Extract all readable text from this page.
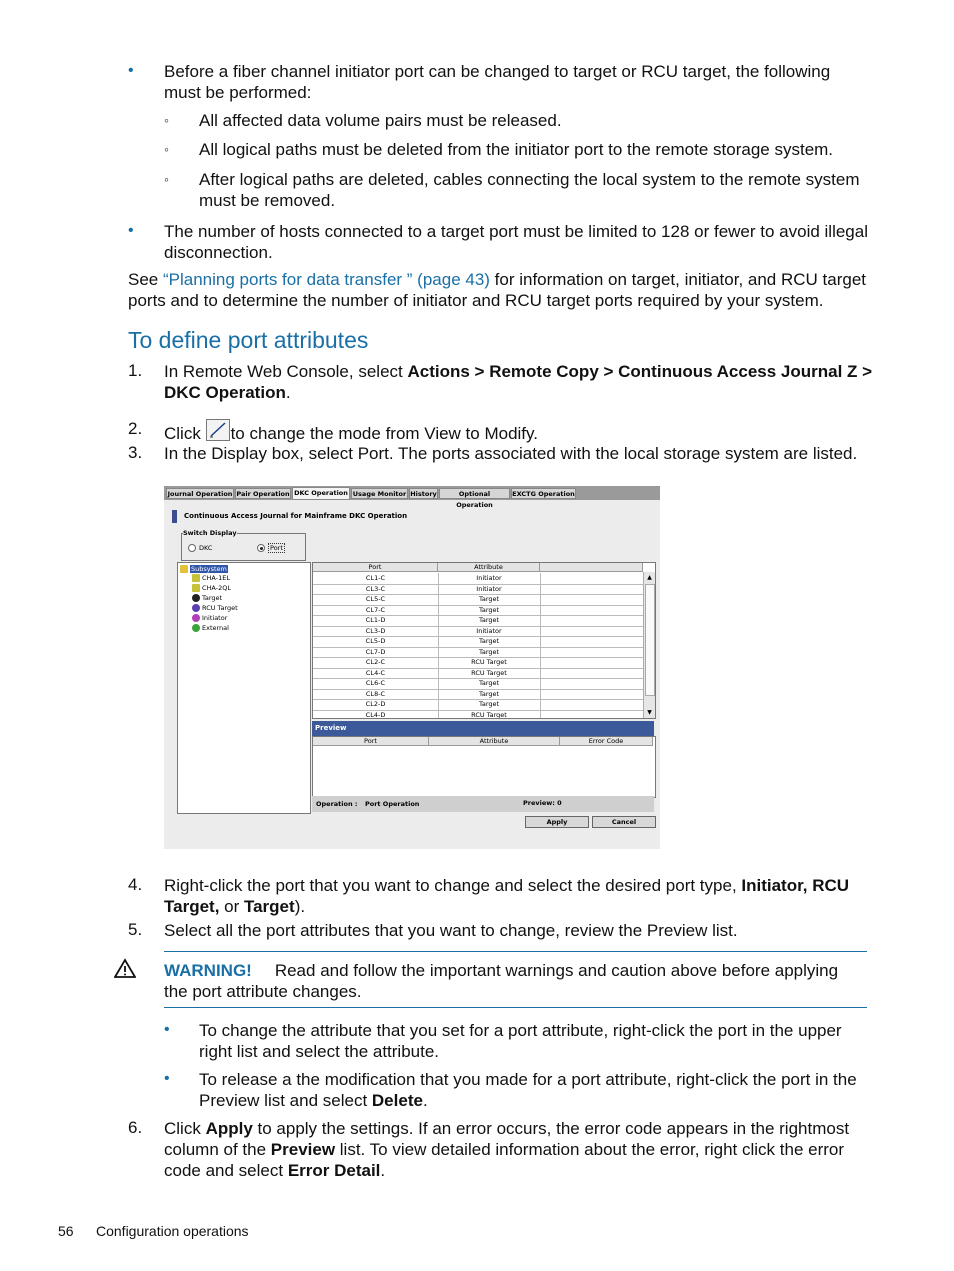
• Before a fiber channel initiator port can be changed to target or RCU target, the following must be performed:
◦ All affected data volume pairs must be released.
◦ All logical paths must be deleted from the initiator port to the remote storage system.
◦ After logical paths are deleted, cables connecting the local system to the remote system must be removed.
• The number of hosts connected to a target port must be limited to 128 or fewer to avoid illegal disconnection.
See “Planning ports for data transfer ” (page 43) for information on target, initiator, and RCU target ports and to determine the number of initiator and RCU target ports required by your system.
To define port attributes
1. In Remote Web Console, select Actions > Remote Copy > Continuous Access Journal Z > DKC Operation.
2. Click
to change the mode from View to Modify.
3. In the Display box, select Port. The ports associated with the local storage system are listed.
Journal Operation Pair Operation DKC Operation Usage Monitor History	Optional Operation
EXCTG Operation
Continuous Access Journal for Mainframe DKC Operation
Switch Display
DKC	Port
Subsystem
CHA-1EL
CHA-2QL
Target
RCU Target
Initiator
External
Port	Attribute
CL1-C	Initiator
CL3-C	Initiator
CL5-C	Target
CL7-C	Target
CL1-D	Target
CL3-D	Initiator
CL5-D	Target
CL7-D	Target
CL2-C	RCU Target
CL4-C	RCU Target
CL6-C	Target
CL8-C	Target
CL2-D	Target
CL4-D	RCU Target
▲
▼
Preview
Port	Attribute	Error Code
Operation : Port Operation	Preview: 0
Apply	Cancel
4. Right-click the port that you want to change and select the desired port type, Initiator, RCU Target, or Target).
5. Select all the port attributes that you want to change, review the Preview list.
WARNING! Read and follow the important warnings and caution above before applying the port attribute changes.
• To change the attribute that you set for a port attribute, right-click the port in the upper right list and select the attribute.
• To release a the modification that you made for a port attribute, right-click the port in the Preview list and select Delete.
6. Click Apply to apply the settings. If an error occurs, the error code appears in the rightmost column of the Preview list. To view detailed information about the error, right click the error code and select Error Detail.
56 Configuration operations
